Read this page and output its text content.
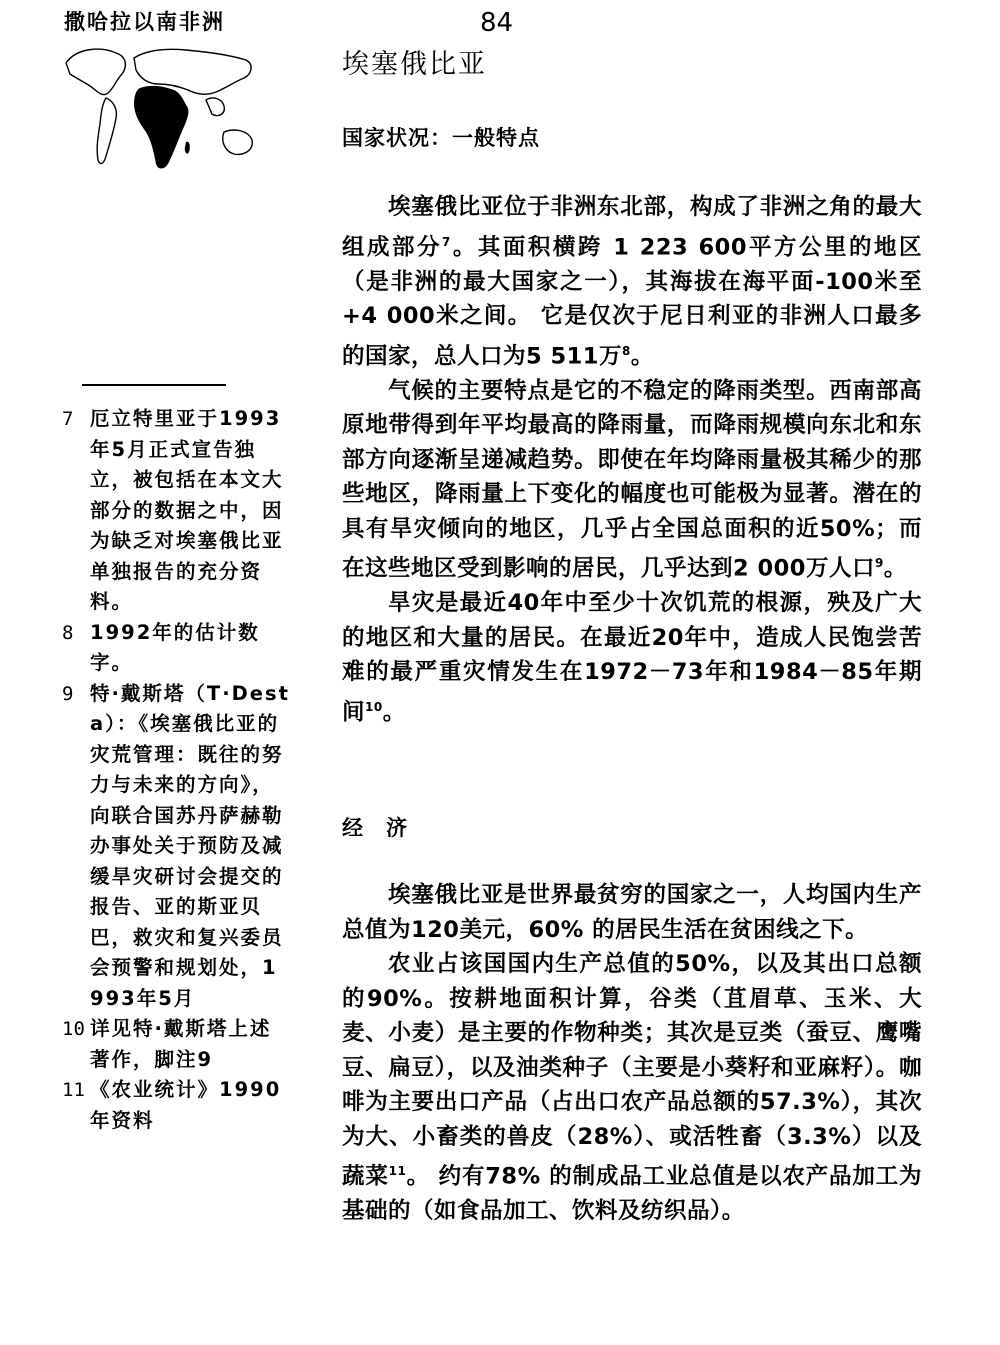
撒哈拉以南非洲	84
埃塞俄比亚
国家状况：一般特点

埃塞俄比亚位于非洲东北部，构成了非洲之角的最大组成部分$^7$。其面积横跨 1 223 600平方公里的地区（是非洲的最大国家之一），其海拔在海平面-100米至 +4 000米之间。 它是仅次于尼日利亚的非洲人口最多的国家，总人口为5 511万$^8$。

气候的主要特点是它的不稳定的降雨类型。西南部高原地带得到年平均最高的降雨量，而降雨规模向东北和东部方向逐渐呈递减趋势。即使在年均降雨量极其稀少的那些地区，降雨量上下变化的幅度也可能极为显著。潜在的具有旱灾倾向的地区，几乎占全国总面积的近50%；而在这些地区受到影响的居民，几乎达到2 000万人口$^9$。

旱灾是最近40年中至少十次饥荒的根源，殃及广大的地区和大量的居民。在最近20年中，造成人民饱尝苦难的最严重灾情发生在1972－73年和1984－85年期间$^{10}$。

经　济

埃塞俄比亚是世界最贫穷的国家之一，人均国内生产总值为120美元，60% 的居民生活在贫困线之下。

农业占该国国内生产总值的50%，以及其出口总额的90%。按耕地面积计算，谷类（苴眉草、玉米、大麦、小麦）是主要的作物种类；其次是豆类（蚕豆、鹰嘴豆、扁豆），以及油类种子（主要是小葵籽和亚麻籽）。咖啡为主要出口产品（占出口农产品总额的57.3%），其次为大、小畜类的兽皮（28%）、或活牲畜（3.3%）以及蔬菜$^{11}$。 约有78% 的制成品工业总值是以农产品加工为基础的（如食品加工、饮料及纺织品）。

7 厄立特里亚于1993年5月正式宣告独立，被包括在本文大部分的数据之中，因为缺乏对埃塞俄比亚单独报告的充分资料。
8 1992年的估计数字。
9 特·戴斯塔（T·Desta）：《埃塞俄比亚的灾荒管理：既往的努力与未来的方向》，向联合国苏丹萨赫勒办事处关于预防及减缓旱灾研讨会提交的报告、亚的斯亚贝巴，救灾和复兴委员会预警和规划处，1993年5月
10 详见特·戴斯塔上述著作，脚注9
11 《农业统计》1990年资料
